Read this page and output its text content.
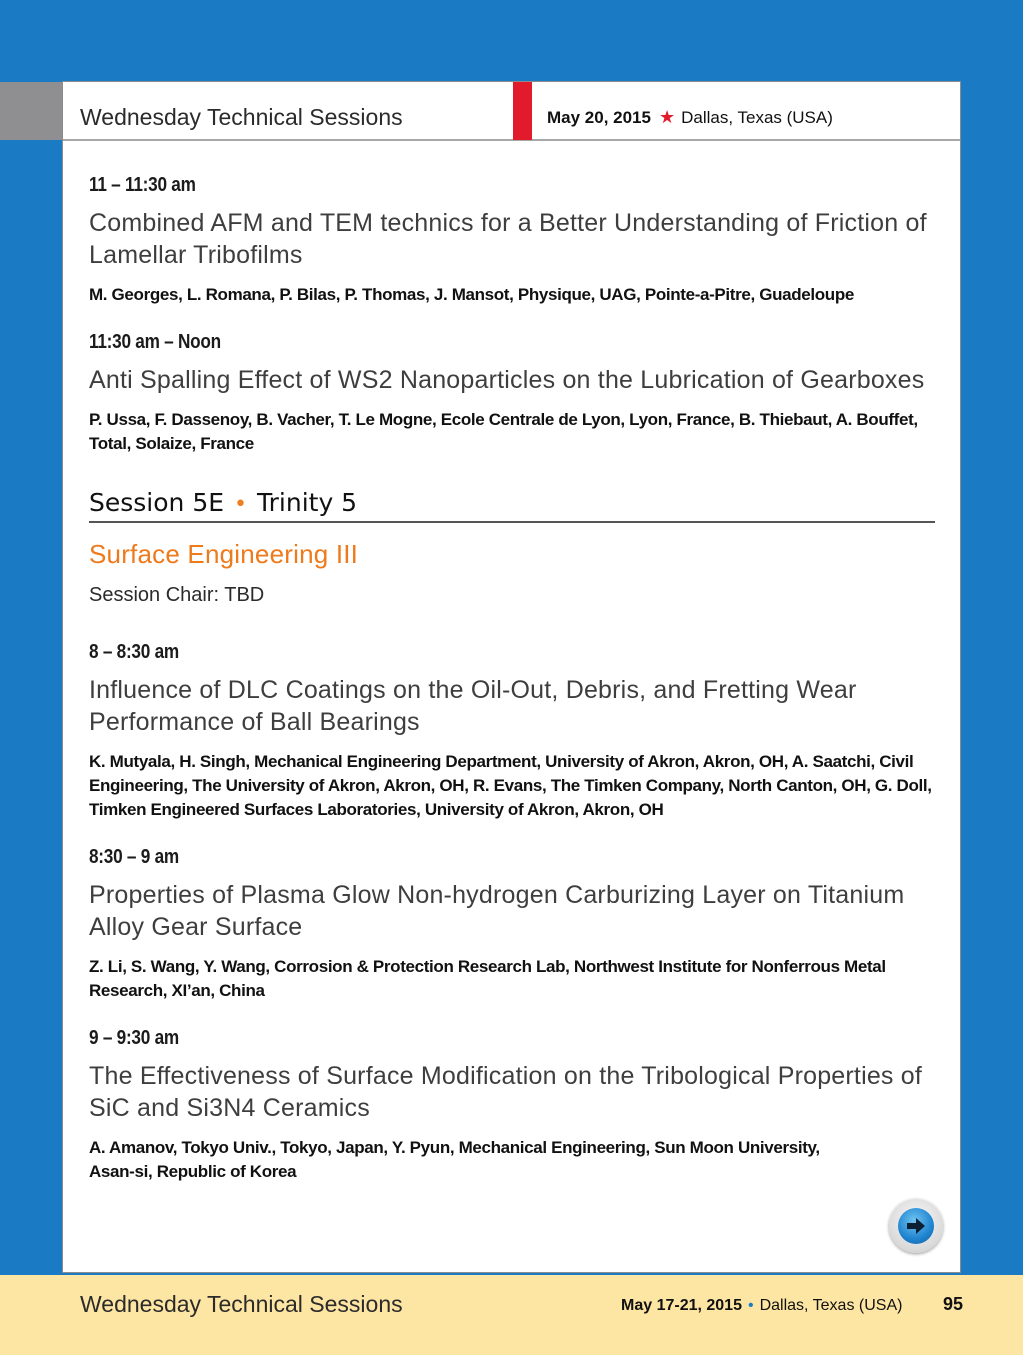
Wednesday Technical Sessions	May 20, 2015 ★ Dallas, Texas (USA)
11 – 11:30 am
Combined AFM and TEM technics for a Better Understanding of Friction of Lamellar Tribofilms
M. Georges, L. Romana, P. Bilas, P. Thomas, J. Mansot, Physique, UAG, Pointe-a-Pitre, Guadeloupe
11:30 am – Noon
Anti Spalling Effect of WS2 Nanoparticles on the Lubrication of Gearboxes
P. Ussa, F. Dassenoy, B. Vacher, T. Le Mogne, Ecole Centrale de Lyon, Lyon, France, B. Thiebaut, A. Bouffet, Total, Solaize, France
Session 5E • Trinity 5
Surface Engineering III
Session Chair: TBD
8 – 8:30 am
Influence of DLC Coatings on the Oil-Out, Debris, and Fretting Wear Performance of Ball Bearings
K. Mutyala, H. Singh, Mechanical Engineering Department, University of Akron, Akron, OH, A. Saatchi, Civil Engineering, The University of Akron, Akron, OH, R. Evans, The Timken Company, North Canton, OH, G. Doll, Timken Engineered Surfaces Laboratories, University of Akron, Akron, OH
8:30 – 9 am
Properties of Plasma Glow Non-hydrogen Carburizing Layer on Titanium Alloy Gear Surface
Z. Li, S. Wang, Y. Wang, Corrosion & Protection Research Lab, Northwest Institute for Nonferrous Metal Research, XI’an, China
9 – 9:30 am
The Effectiveness of Surface Modification on the Tribological Properties of SiC and Si3N4 Ceramics
A. Amanov, Tokyo Univ., Tokyo, Japan, Y. Pyun, Mechanical Engineering, Sun Moon University, Asan-si, Republic of Korea
Wednesday Technical Sessions	May 17-21, 2015 • Dallas, Texas (USA) 95
